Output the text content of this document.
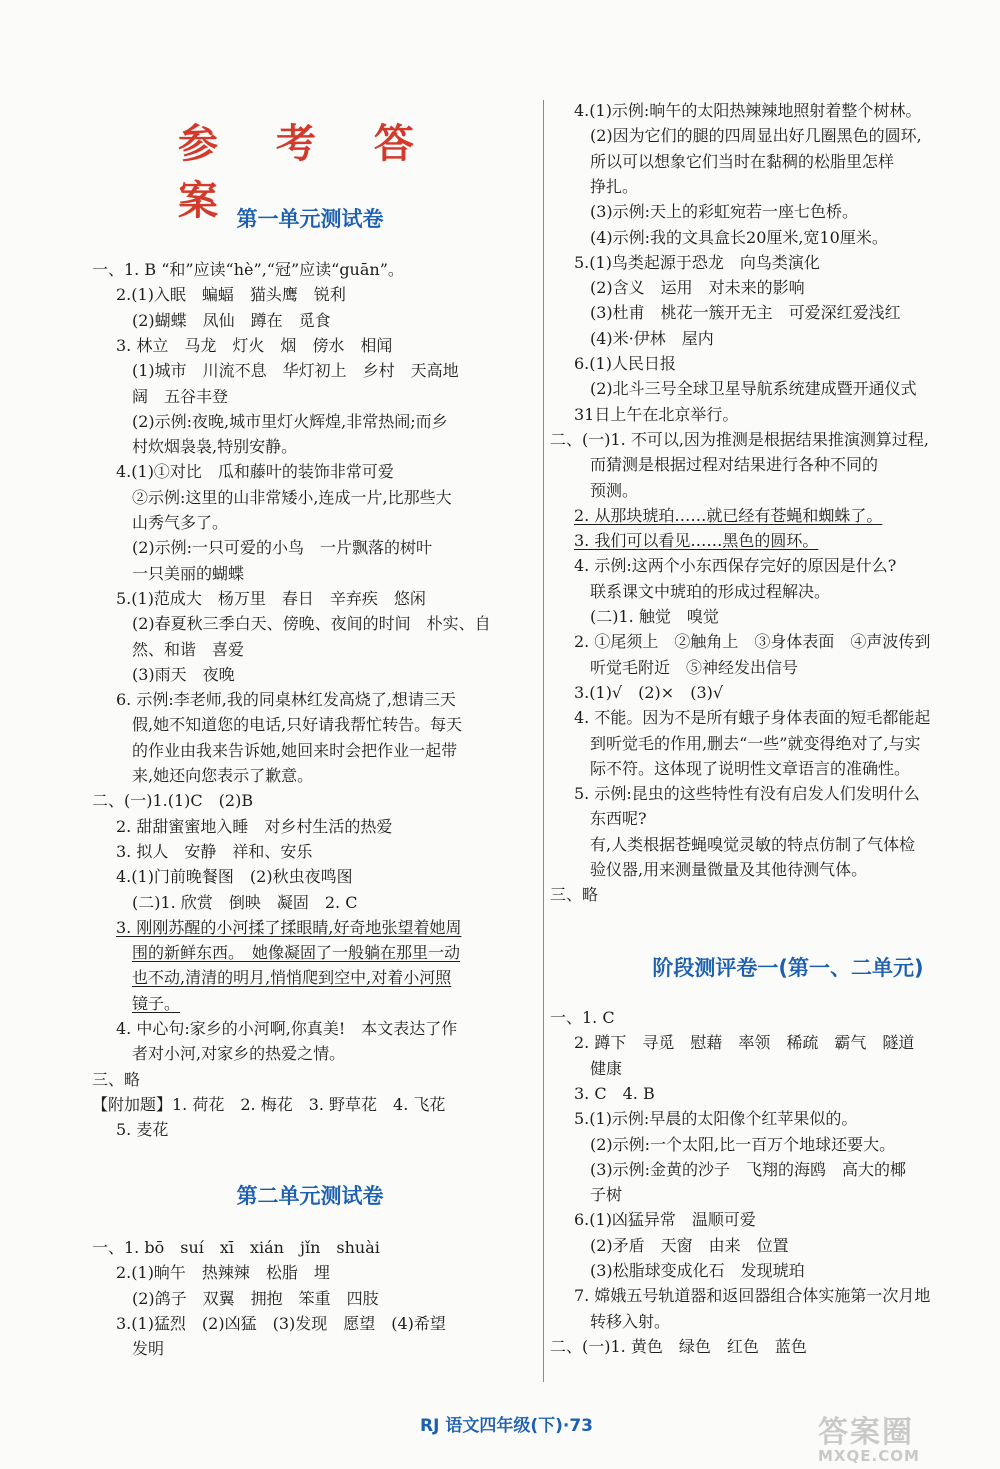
参 考 答 案
第一单元测试卷
一、1. B “和”应读“hè”,“冠”应读“guān”。
2.(1)入眠　蝙蝠　猫头鹰　锐利
(2)蝴蝶　凤仙　蹲在　觅食
3. 林立　马龙　灯火　烟　傍水　相闻
(1)城市　川流不息　华灯初上　乡村　天高地
阔　五谷丰登
(2)示例:夜晚,城市里灯火辉煌,非常热闹;而乡
村炊烟袅袅,特别安静。
4.(1)①对比　瓜和藤叶的装饰非常可爱
②示例:这里的山非常矮小,连成一片,比那些大
山秀气多了。
(2)示例:一只可爱的小鸟　一片飘落的树叶
一只美丽的蝴蝶
5.(1)范成大　杨万里　春日　辛弃疾　悠闲
(2)春夏秋三季白天、傍晚、夜间的时间　朴实、自
然、和谐　喜爱
(3)雨天　夜晚
6. 示例:李老师,我的同桌林红发高烧了,想请三天
假,她不知道您的电话,只好请我帮忙转告。每天
的作业由我来告诉她,她回来时会把作业一起带
来,她还向您表示了歉意。
二、(一)1.(1)C　(2)B
2. 甜甜蜜蜜地入睡　对乡村生活的热爱
3. 拟人　安静　祥和、安乐
4.(1)门前晚餐图　(2)秋虫夜鸣图
(二)1. 欣赏　倒映　凝固　2. C
3. 刚刚苏醒的小河揉了揉眼睛,好奇地张望着她周
围的新鲜东西。　她像凝固了一般躺在那里一动
也不动,清清的明月,悄悄爬到空中,对着小河照
镜子。
4. 中心句:家乡的小河啊,你真美!　本文表达了作
者对小河,对家乡的热爱之情。
三、略
【附加题】1. 荷花　2. 梅花　3. 野草花　4. 飞花
5. 麦花
第二单元测试卷
一、1. bō　suí　xī　xián　jǐn　shuài
2.(1)晌午　热辣辣　松脂　埋
(2)鸽子　双翼　拥抱　笨重　四肢
3.(1)猛烈　(2)凶猛　(3)发现　愿望　(4)希望
发明
4.(1)示例:晌午的太阳热辣辣地照射着整个树林。
(2)因为它们的腿的四周显出好几圈黑色的圆环,
所以可以想象它们当时在黏稠的松脂里怎样
挣扎。
(3)示例:天上的彩虹宛若一座七色桥。
(4)示例:我的文具盒长20厘米,宽10厘米。
5.(1)鸟类起源于恐龙　向鸟类演化
(2)含义　运用　对未来的影响
(3)杜甫　桃花一簇开无主　可爱深红爱浅红
(4)米·伊林　屋内
6.(1)人民日报
(2)北斗三号全球卫星导航系统建成暨开通仪式
31日上午在北京举行。
二、(一)1. 不可以,因为推测是根据结果推演测算过程,
而猜测是根据过程对结果进行各种不同的
预测。
2. 从那块琥珀……就已经有苍蝇和蜘蛛了。
3. 我们可以看见……黑色的圆环。
4. 示例:这两个小东西保存完好的原因是什么?
联系课文中琥珀的形成过程解决。
(二)1. 触觉　嗅觉
2. ①尾须上　②触角上　③身体表面　④声波传到
听觉毛附近　⑤神经发出信号
3.(1)√　(2)×　(3)√
4. 不能。因为不是所有蛾子身体表面的短毛都能起
到听觉毛的作用,删去“一些”就变得绝对了,与实
际不符。这体现了说明性文章语言的准确性。
5. 示例:昆虫的这些特性有没有启发人们发明什么
东西呢?
有,人类根据苍蝇嗅觉灵敏的特点仿制了气体检
验仪器,用来测量微量及其他待测气体。
三、略
阶段测评卷一(第一、二单元)
一、1. C
2. 蹲下　寻觅　慰藉　率领　稀疏　霸气　隧道
健康
3. C　4. B
5.(1)示例:早晨的太阳像个红苹果似的。
(2)示例:一个太阳,比一百万个地球还要大。
(3)示例:金黄的沙子　飞翔的海鸥　高大的椰
子树
6.(1)凶猛异常　温顺可爱
(2)矛盾　天窗　由来　位置
(3)松脂球变成化石　发现琥珀
7. 嫦娥五号轨道器和返回器组合体实施第一次月地
转移入射。
二、(一)1. 黄色　绿色　红色　蓝色
RJ 语文四年级(下)·73	答案圈
MXQE.COM
